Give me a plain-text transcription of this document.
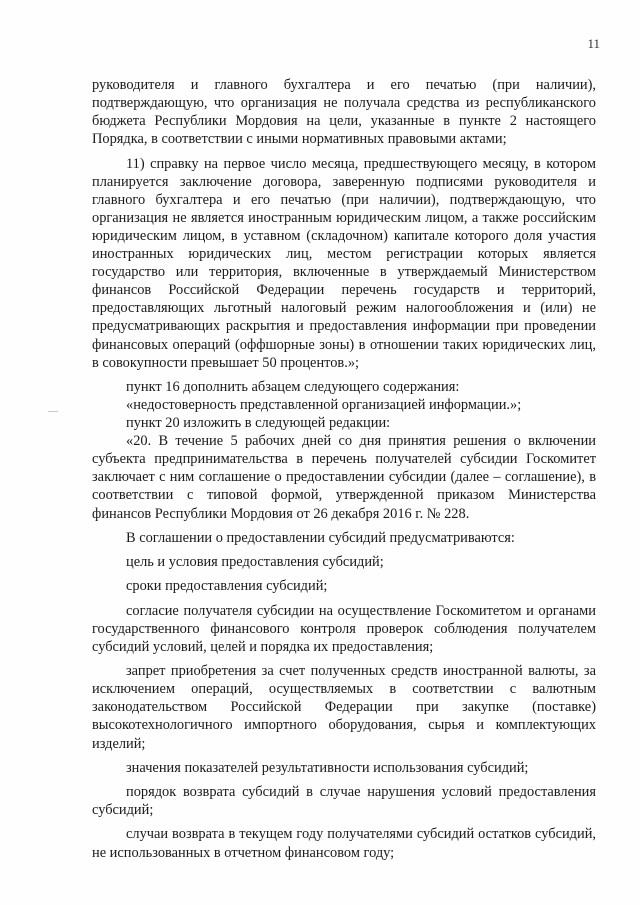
11
—

руководителя и главного бухгалтера и его печатью (при наличии), подтверждающую, что организация не получала средства из республиканского бюджета Республики Мордовия на цели, указанные в пункте 2 настоящего Порядка, в соответствии с иными нормативных правовыми актами;

11) справку на первое число месяца, предшествующего месяцу, в котором планируется заключение договора, заверенную подписями руководителя и главного бухгалтера и его печатью (при наличии), подтверждающую, что организация не является иностранным юридическим лицом, а также российским юридическим лицом, в уставном (складочном) капитале которого доля участия иностранных юридических лиц, местом регистрации которых является государство или территория, включенные в утверждаемый Министерством финансов Российской Федерации перечень государств и территорий, предоставляющих льготный налоговый режим налогообложения и (или) не предусматривающих раскрытия и предоставления информации при проведении финансовых операций (оффшорные зоны) в отношении таких юридических лиц, в совокупности превышает 50 процентов.»;

пункт 16 дополнить абзацем следующего содержания:

«недостоверность представленной организацией информации.»;

пункт 20 изложить в следующей редакции:

«20. В течение 5 рабочих дней со дня принятия решения о включении субъекта предпринимательства в перечень получателей субсидии Госкомитет заключает с ним соглашение о предоставлении субсидии (далее – соглашение), в соответствии с типовой формой, утвержденной приказом Министерства финансов Республики Мордовия от 26 декабря 2016 г. № 228.

В соглашении о предоставлении субсидий предусматриваются:

цель и условия предоставления субсидий;

сроки предоставления субсидий;

согласие получателя субсидии на осуществление Госкомитетом и органами государственного финансового контроля проверок соблюдения получателем субсидий условий, целей и порядка их предоставления;

запрет приобретения за счет полученных средств иностранной валюты, за исключением операций, осуществляемых в соответствии с валютным законодательством Российской Федерации при закупке (поставке) высокотехнологичного импортного оборудования, сырья и комплектующих изделий;

значения показателей результативности использования субсидий;

порядок возврата субсидий в случае нарушения условий предоставления субсидий;

случаи возврата в текущем году получателями субсидий остатков субсидий, не использованных в отчетном финансовом году;
